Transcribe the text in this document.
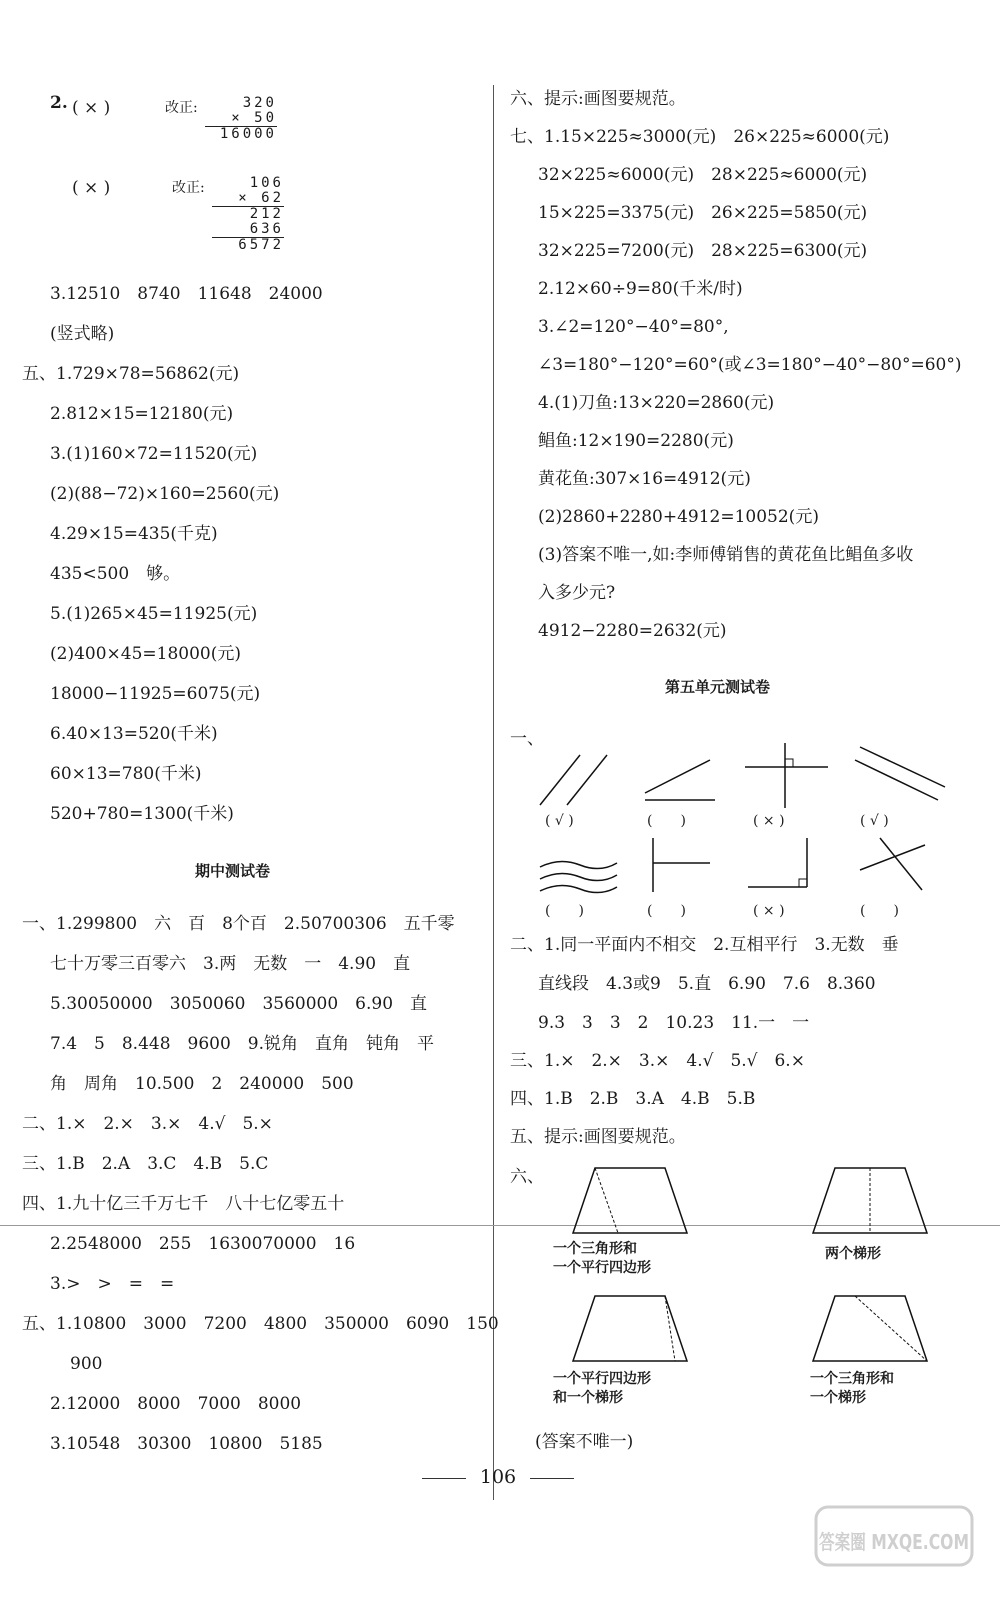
2. ( × )	改正:	320
× 50
16000
( × )	改正:	106
× 62
212
636
6572
3.12510　8740　11648　24000
(竖式略)
五、1.729×78=56862(元)
2.812×15=12180(元)
3.(1)160×72=11520(元)
(2)(88−72)×160=2560(元)
4.29×15=435(千克)
435<500　够。
5.(1)265×45=11925(元)
(2)400×45=18000(元)
18000−11925=6075(元)
6.40×13=520(千米)
60×13=780(千米)
520+780=1300(千米)
期中测试卷
一、1.299800　六　百　8个百　2.50700306　五千零
七十万零三百零六　3.两　无数　一　4.90　直
5.30050000　3050060　3560000　6.90　直
7.4　5　8.448　9600　9.锐角　直角　钝角　平
角　周角　10.500　2　240000　500
二、1.×　2.×　3.×　4.√　5.×
三、1.B　2.A　3.C　4.B　5.C
四、1.九十亿三千万七千　八十七亿零五十
2.2548000　255　1630070000　16
3.>　>　=　=
五、1.10800　3000　7200　4800　350000　6090　150
900
2.12000　8000　7000　8000
3.10548　30300　10800　5185
六、提示:画图要规范。
七、1.15×225≈3000(元)　26×225≈6000(元)
32×225≈6000(元)　28×225≈6000(元)
15×225=3375(元)　26×225=5850(元)
32×225=7200(元)　28×225=6300(元)
2.12×60÷9=80(千米/时)
3.∠2=120°−40°=80°,
∠3=180°−120°=60°(或∠3=180°−40°−80°=60°)
4.(1)刀鱼:13×220=2860(元)
鲳鱼:12×190=2280(元)
黄花鱼:307×16=4912(元)
(2)2860+2280+4912=10052(元)
(3)答案不唯一,如:李师傅销售的黄花鱼比鲳鱼多收
入多少元?
4912−2280=2632(元)
第五单元测试卷
一、
( √ )	(　　)	( × )	( √ )
(　　)	(　　)	( × )	(　　)
二、1.同一平面内不相交　2.互相平行　3.无数　垂
直线段　4.3或9　5.直　6.90　7.6　8.360
9.3　3　3　2　10.23　11.一　一
三、1.×　2.×　3.×　4.√　5.√　6.×
四、1.B　2.B　3.A　4.B　5.B
五、提示:画图要规范。
六、
一个三角形和
一个平行四边形
两个梯形
一个平行四边形
和一个梯形
一个三角形和
一个梯形
(答案不唯一)
106
答案圈 MXQE.COM
